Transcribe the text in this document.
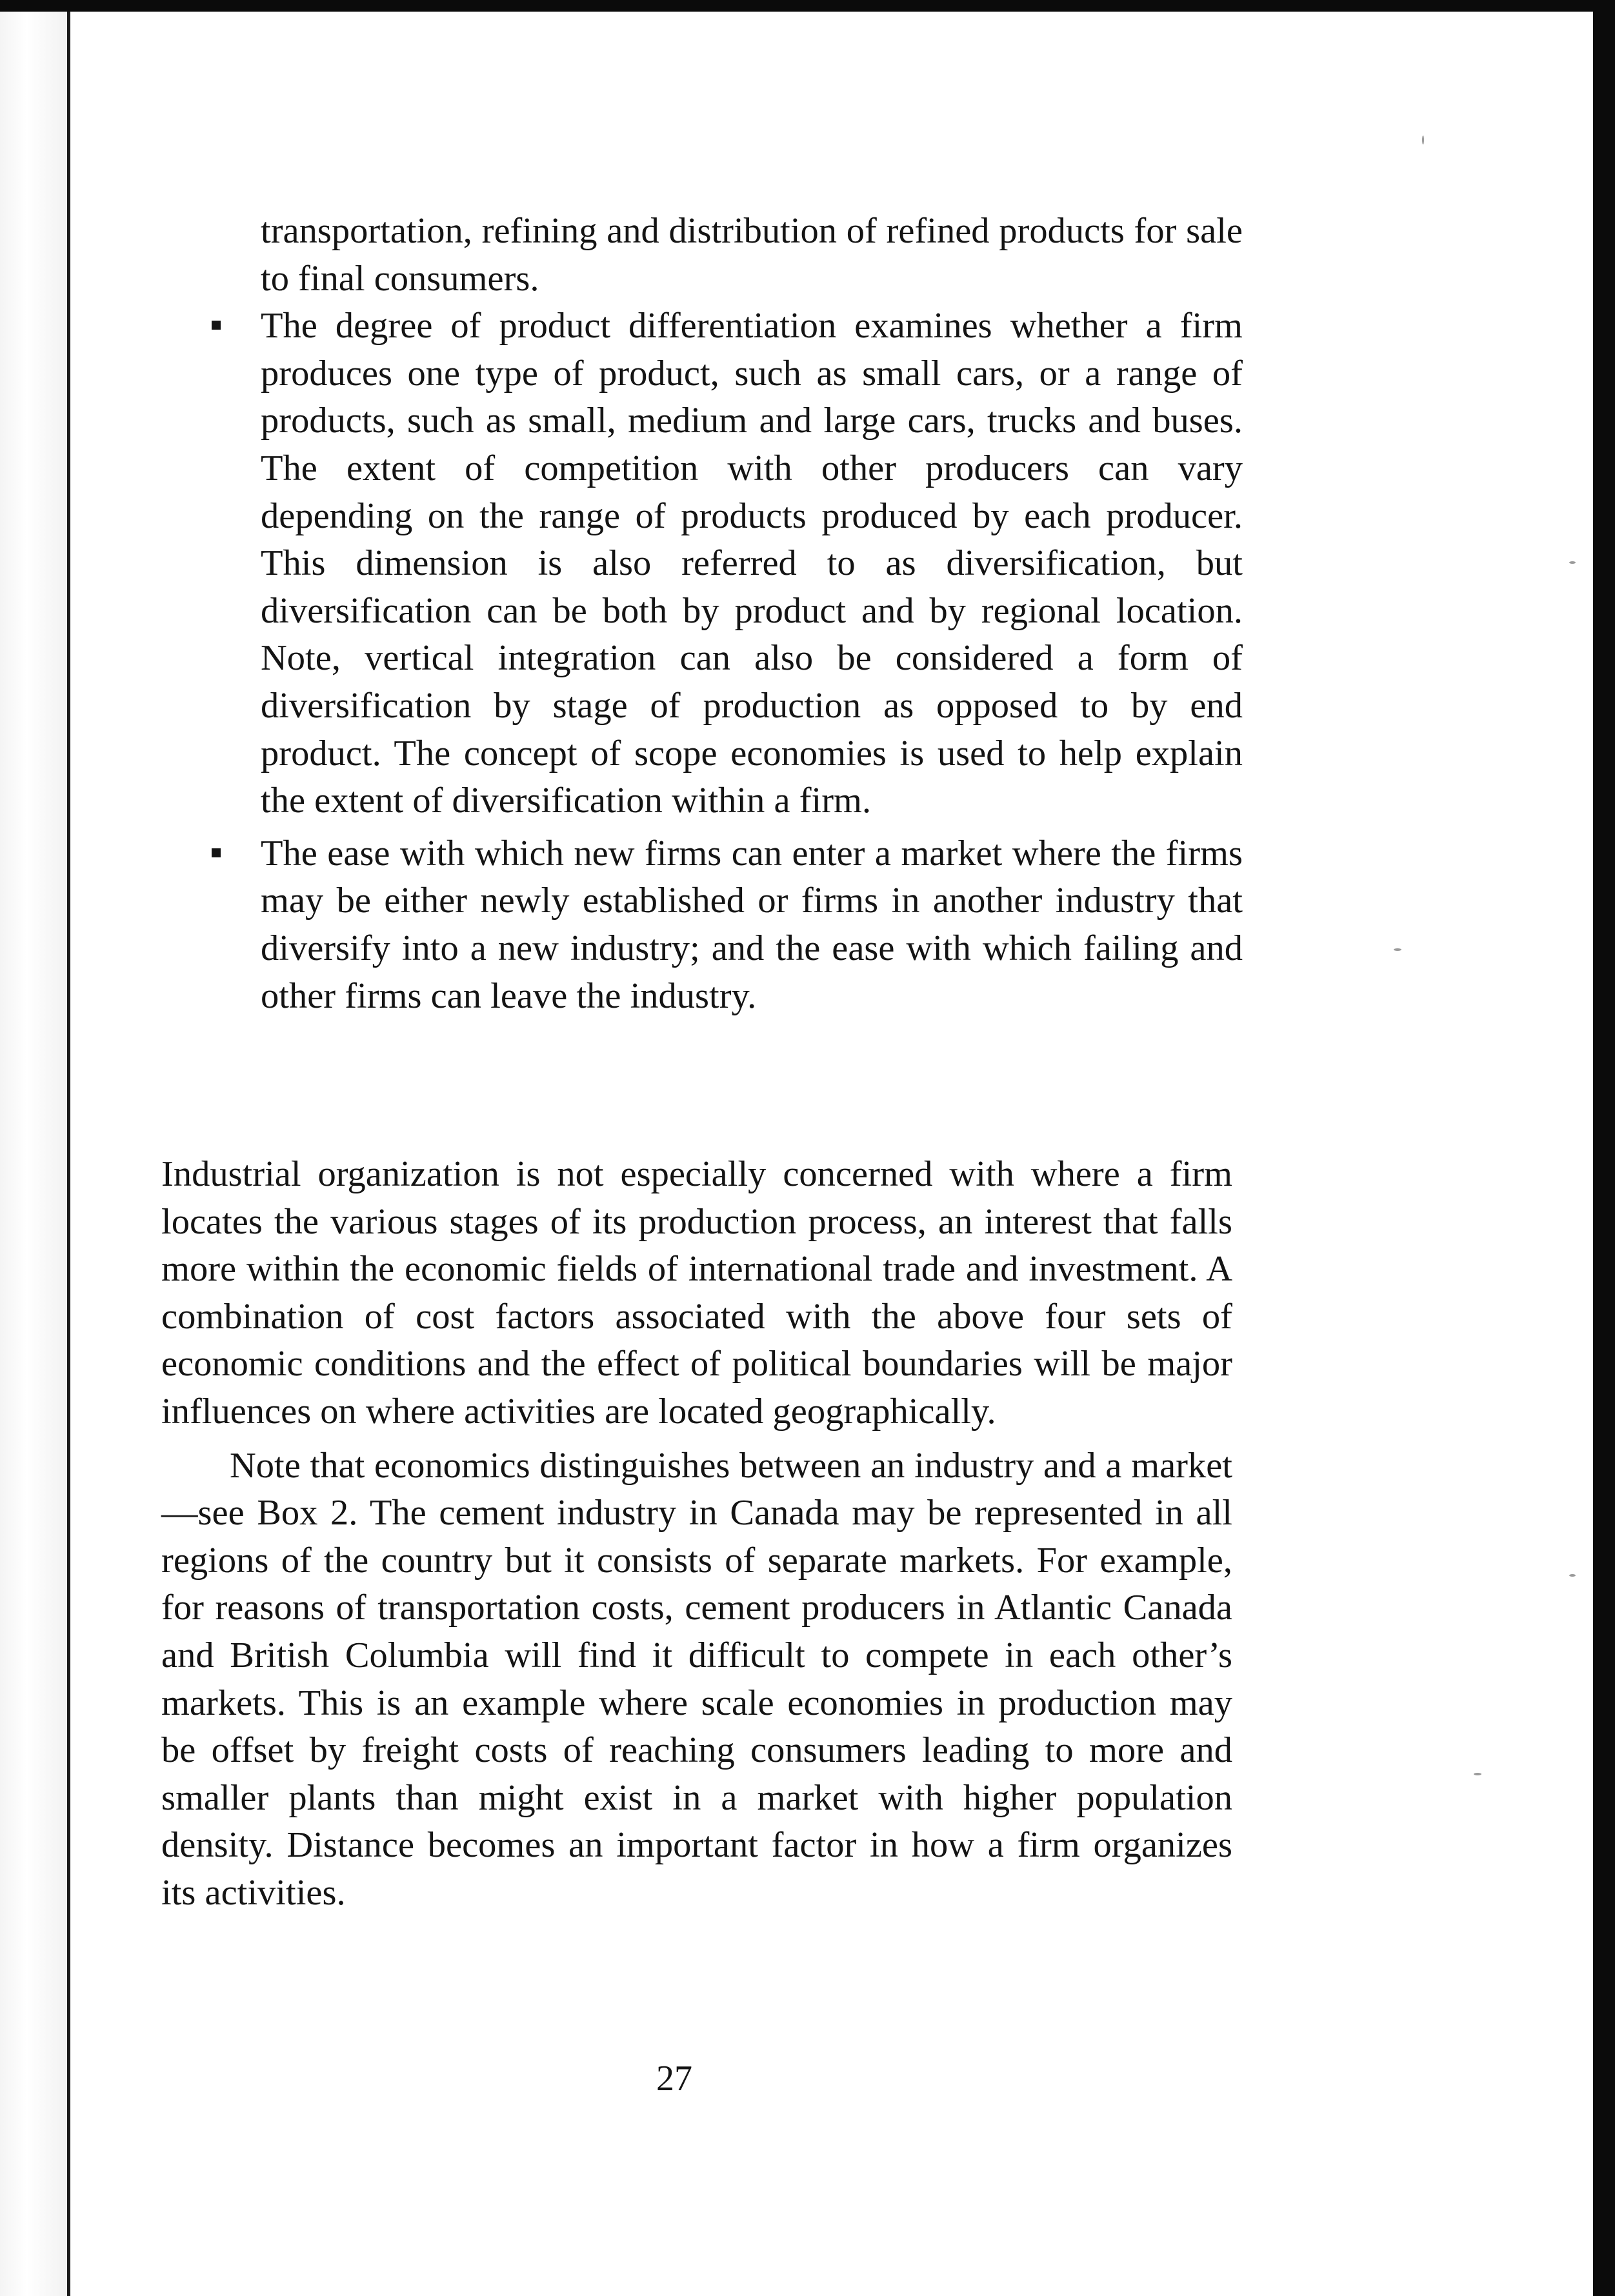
transportation, refining and distribution of refined products for sale to final consumers.

The degree of product differentiation examines whether a firm produces one type of product, such as small cars, or a range of products, such as small, medium and large cars, trucks and buses. The extent of competition with other producers can vary depending on the range of products produced by each producer. This dimension is also referred to as diversification, but diversification can be both by product and by regional location. Note, vertical integration can also be considered a form of diversification by stage of production as opposed to by end product. The concept of scope economies is used to help explain the extent of diversification within a firm.
The ease with which new firms can enter a market where the firms may be either newly established or firms in another industry that diversify into a new industry; and the ease with which failing and other firms can leave the industry.

Industrial organization is not especially concerned with where a firm locates the various stages of its production process, an interest that falls more within the economic fields of international trade and investment. A combination of cost factors associated with the above four sets of economic conditions and the effect of political boundaries will be major influences on where activities are located geographically.

Note that economics distinguishes between an industry and a market—see Box 2. The cement industry in Canada may be represented in all regions of the country but it consists of separate markets. For example, for reasons of transportation costs, cement producers in Atlantic Canada and British Columbia will find it difficult to compete in each other’s markets. This is an example where scale economies in production may be offset by freight costs of reaching consumers leading to more and smaller plants than might exist in a market with higher population density. Distance becomes an important factor in how a firm organizes its activities.

27
